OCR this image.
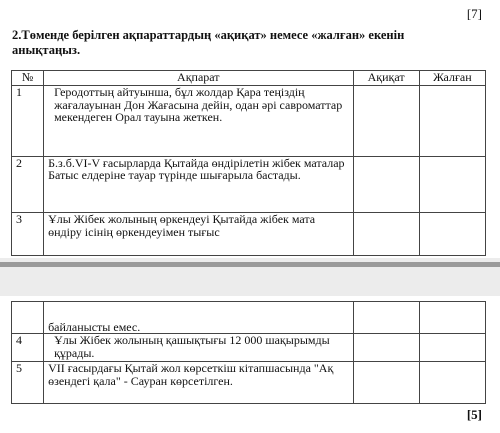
[7]
2.Төменде берілген ақпараттардың «ақиқат» немесе «жалған» екенін анықтаңыз.
№	Ақпарат	Ақиқат	Жалған
1	Геродоттың айтуынша, бұл жолдар Қара теңіздің жағалауынан Дон Жағасына дейін, одан әрі савроматтар мекендеген Орал тауына жеткен.		

2	Б.з.б.VI-V ғасырларда Қытайда өндірілетін жібек маталар Батыс елдеріне тауар түрінде шығарыла бастады.		

3	Ұлы Жібек жолының өркендеуі Қытайда жібек мата өндіру ісінің өркендеуімен тығыс		

	байланысты емес.		

4	Ұлы Жібек жолының қашықтығы 12 000 шақырымды құрады.		

5	VII ғасырдағы Қытай жол көрсеткіш кітапшасында "Ақ өзендегі қала" - Сауран көрсетілген.		

[5]
